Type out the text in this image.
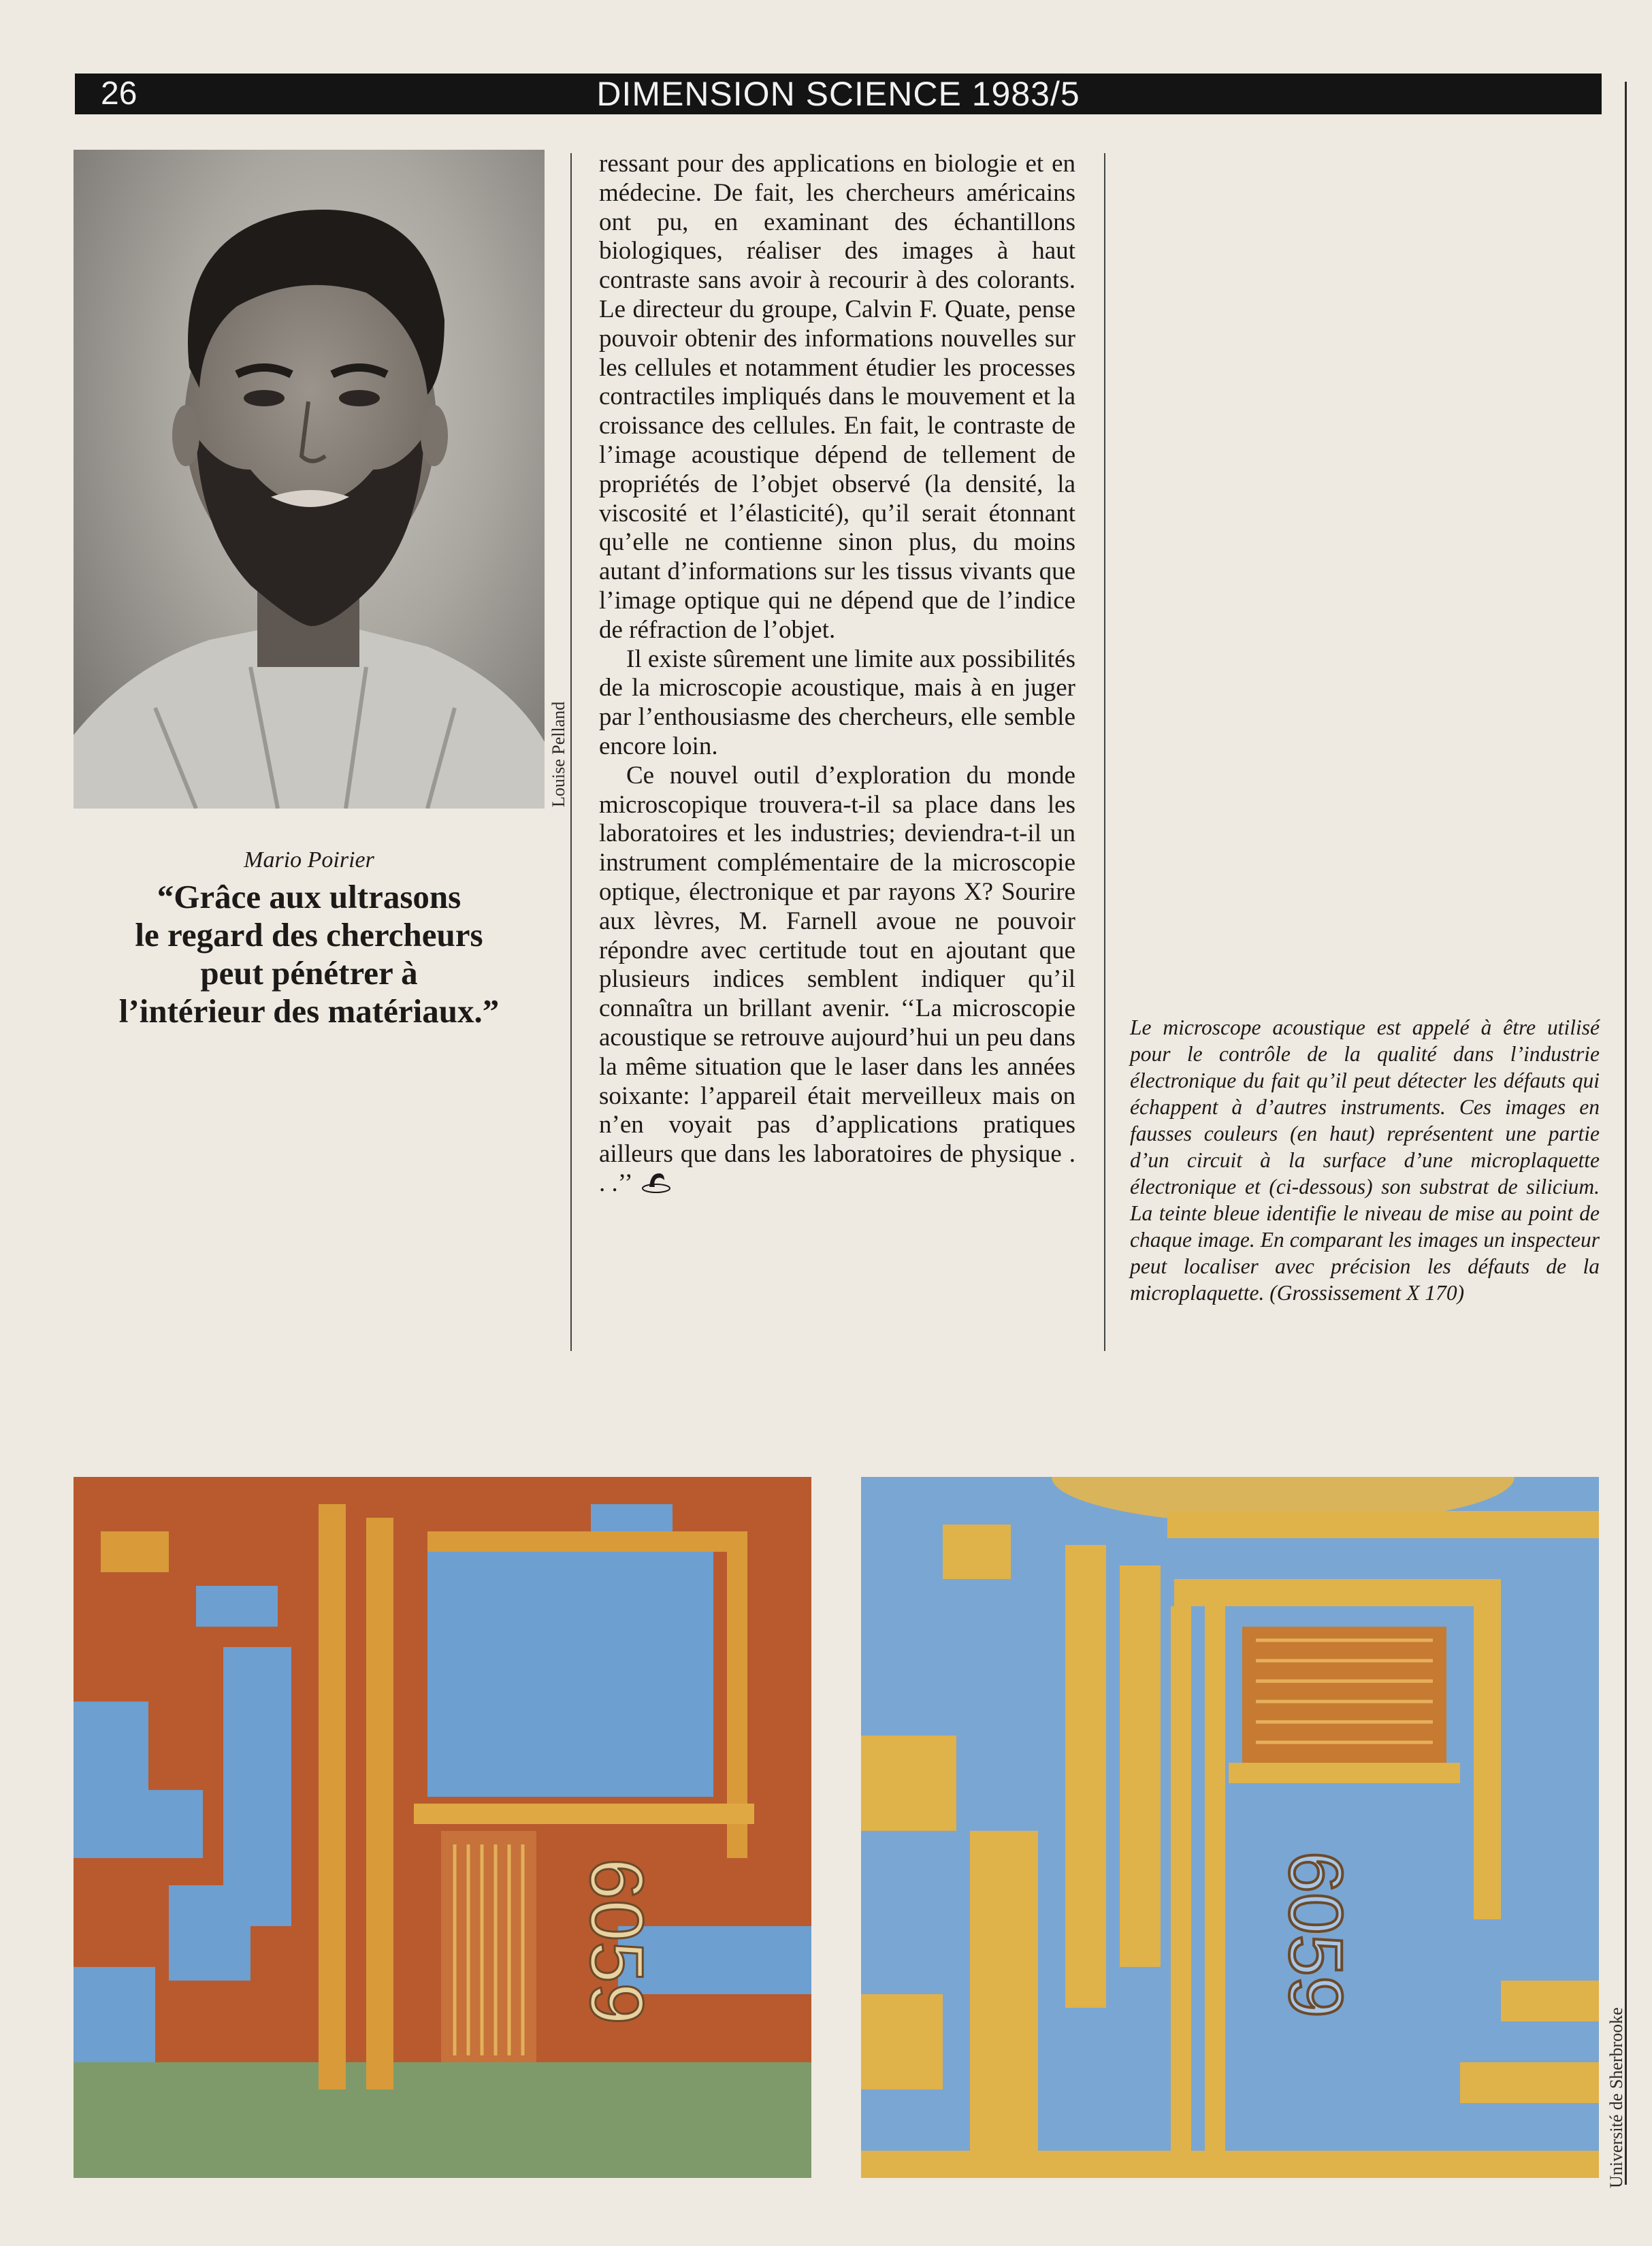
26	DIMENSION SCIENCE 1983/5
Louise Pelland
Mario Poirier
“Grâce aux ultrasons
le regard des chercheurs
peut pénétrer à
l’intérieur des matériaux.”

ressant pour des applications en biologie et en médecine. De fait, les chercheurs américains ont pu, en examinant des échantillons biologiques, réaliser des images à haut contraste sans avoir à recourir à des colorants. Le directeur du groupe, Calvin F. Quate, pense pouvoir obtenir des informations nouvelles sur les cellules et notamment étudier les processes contractiles impliqués dans le mouvement et la croissance des cellules. En fait, le contraste de l’image acoustique dépend de tellement de propriétés de l’objet observé (la densité, la viscosité et l’élasticité), qu’il serait étonnant qu’elle ne contienne sinon plus, du moins autant d’informations sur les tissus vivants que l’image optique qui ne dépend que de l’indice de réfraction de l’objet.

Il existe sûrement une limite aux possibilités de la microscopie acoustique, mais à en juger par l’enthousiasme des chercheurs, elle semble encore loin.

Ce nouvel outil d’exploration du monde microscopique trouvera-t-il sa place dans les laboratoires et les industries; deviendra-t-il un instrument complémentaire de la microscopie optique, électronique et par rayons X? Sourire aux lèvres, M. Farnell avoue ne pouvoir répondre avec certitude tout en ajoutant que plusieurs indices semblent indiquer qu’il connaîtra un brillant avenir. ‘‘La microscopie acoustique se retrouve aujourd’hui un peu dans la même situation que le laser dans les années soixante: l’appareil était merveilleux mais on n’en voyait pas d’applications pratiques ailleurs que dans les laboratoires de physique . . .’’

Le microscope acoustique est appelé à être utilisé pour le contrôle de la qualité dans l’industrie électronique du fait qu’il peut détecter les défauts qui échappent à d’autres instruments. Ces images en fausses couleurs (en haut) représentent une partie d’un circuit à la surface d’une microplaquette électronique et (ci-dessous) son substrat de silicium. La teinte bleue identifie le niveau de mise au point de chaque image. En comparant les images un inspecteur peut localiser avec précision les défauts de la microplaquette. (Grossissement X 170)
6059	6059
Université de Sherbrooke
